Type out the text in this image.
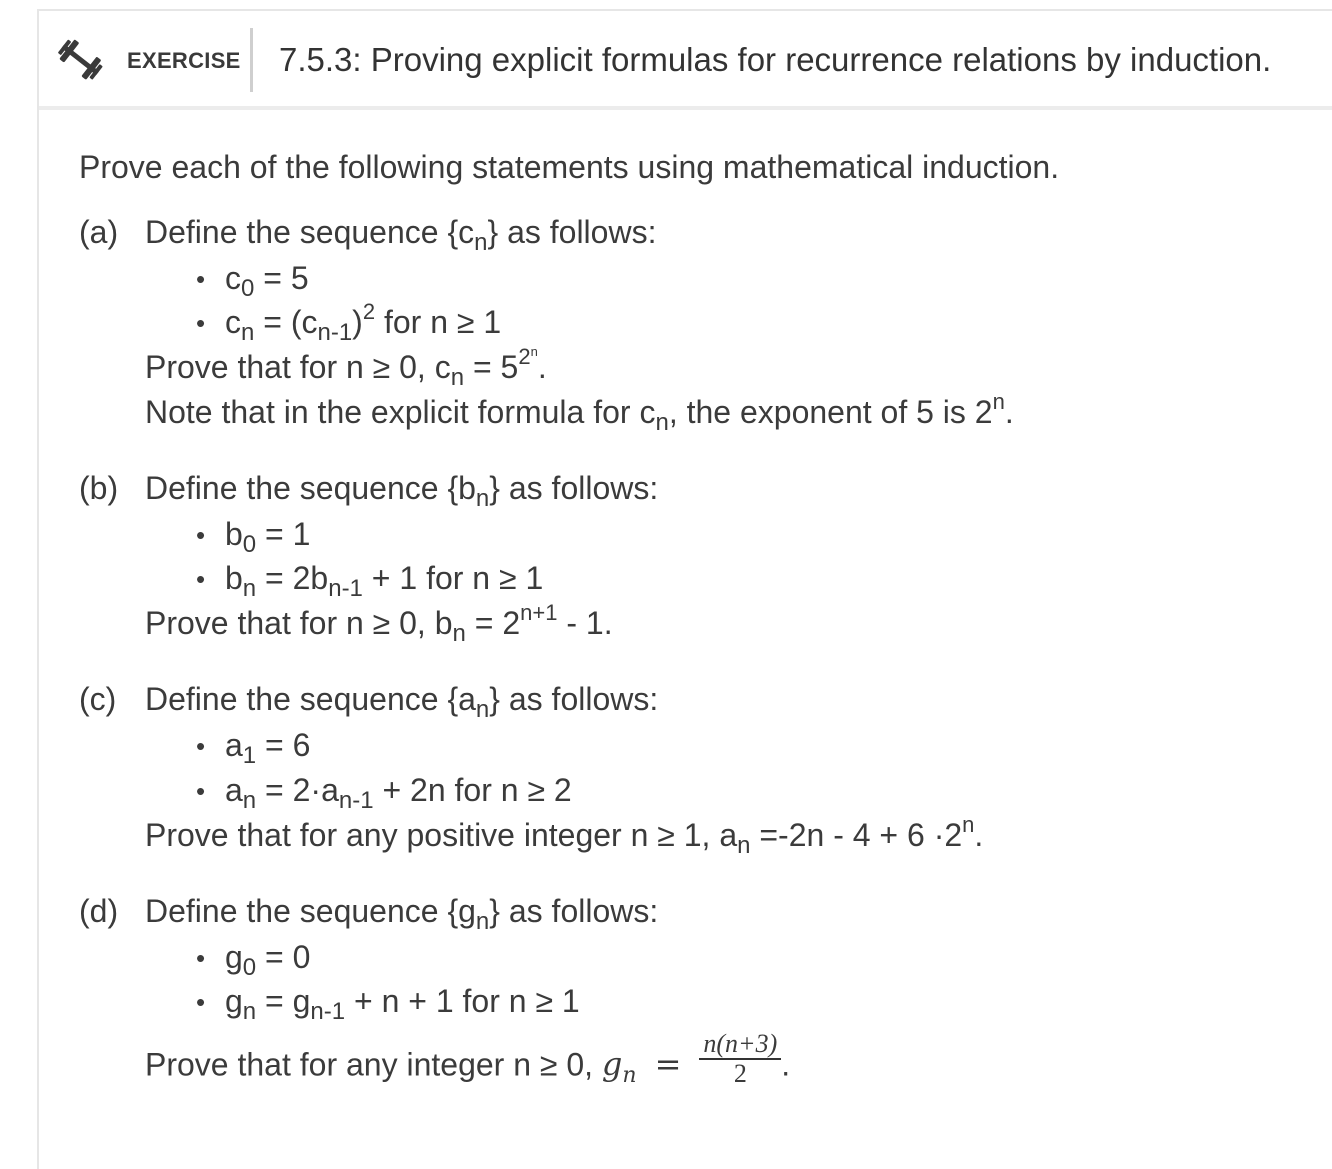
EXERCISE 7.5.3: Proving explicit formulas for recurrence relations by induction.
Prove each of the following statements using mathematical induction.
(a) Define the sequence $\{c_n\}$ as follows:
• $c_0 = 5$
• $c_n = (c_{n-1})^2$ for n ≥ 1
Prove that for n ≥ 0, $c_n = 5^{2^n}$.
Note that in the explicit formula for $c_n$, the exponent of 5 is 2$^n$.
(b) Define the sequence $\{b_n\}$ as follows:
• $b_0 = 1$
• $b_n = 2b_{n-1} + 1$ for n ≥ 1
Prove that for n ≥ 0, $b_n = 2^{n+1} - 1$.
(c) Define the sequence $\{a_n\}$ as follows:
• $a_1 = 6$
• $a_n = 2\cdot a_{n-1} + 2n$ for n ≥ 2
Prove that for any positive integer n ≥ 1, $a_n =-2n - 4 + 6 \cdot 2^n$.
(d) Define the sequence $\{g_n\}$ as follows:
• $g_0 = 0$
• $g_n = g_{n-1} + n + 1$ for n ≥ 1
Prove that for any integer n ≥ 0, $g_n = \frac{n(n+3)}{2}$ .
